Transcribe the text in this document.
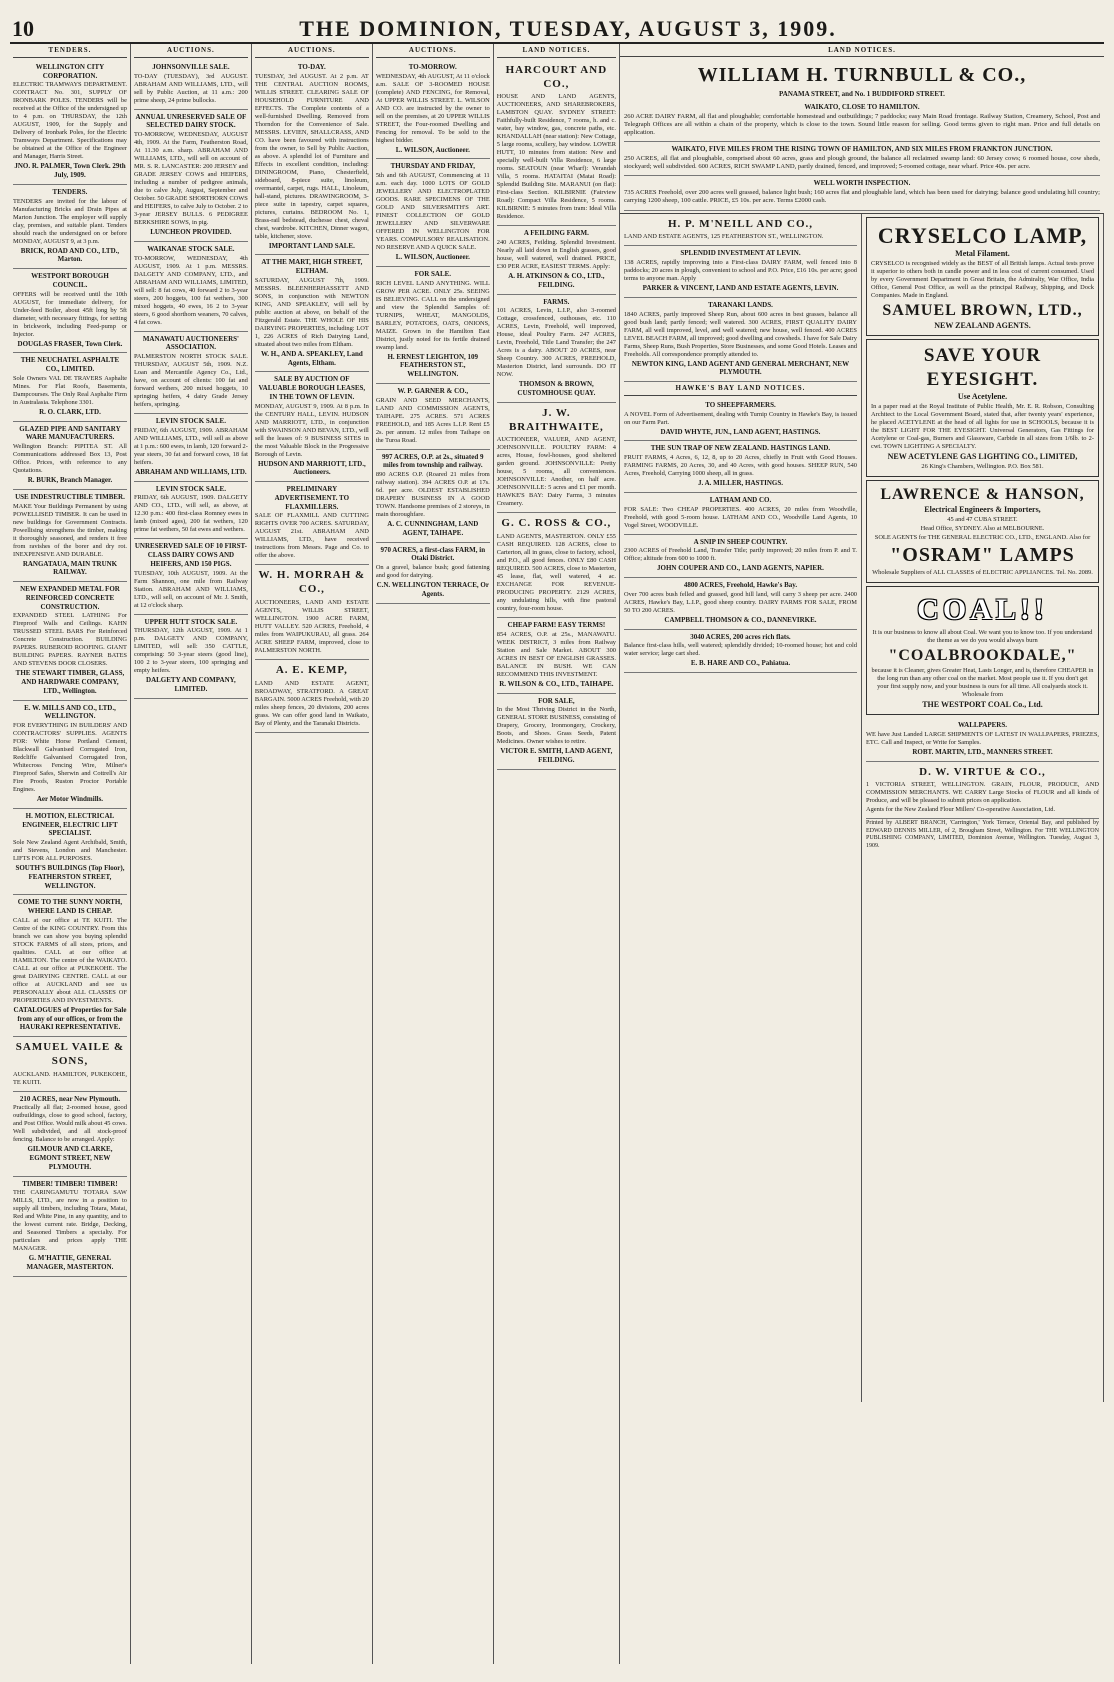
10	THE DOMINION, TUESDAY, AUGUST 3, 1909.
TENDERS.
WELLINGTON CITY CORPORATION.
ELECTRIC TRAMWAYS DEPARTMENT. CONTRACT No. 301, SUPPLY OF IRONBARK POLES. TENDERS will be received at the Office of the undersigned up to 4 p.m. on THURSDAY, the 12th AUGUST, 1909, for the Supply and Delivery of Ironbark Poles, for the Electric Tramways Department. Specifications may be obtained at the Office of the Engineer and Manager, Harris Street.
JNO. R. PALMER, Town Clerk. 29th July, 1909.
TENDERS.
TENDERS are invited for the labour of Manufacturing Bricks and Drain Pipes at Marton Junction. The employer will supply clay, premises, and suitable plant. Tenders should reach the undersigned on or before MONDAY, AUGUST 9, at 3 p.m.
BRICK, ROAD AND CO., LTD., Marton.
WESTPORT BOROUGH COUNCIL.
OFFERS will be received until the 10th AUGUST, for immediate delivery, for Under-feed Boiler, about 45ft long by 5ft diameter, with necessary fittings, for setting in brickwork, including Feed-pump or Injector.
DOUGLAS FRASER, Town Clerk.
THE NEUCHATEL ASPHALTE CO., LIMITED.
Sole Owners VAL DE TRAVERS Asphalte Mines. For Flat Roofs, Basements, Dampcourses. The Only Real Asphalte Firm in Australasia. Telephone 3301.
R. O. CLARK, LTD.
GLAZED PIPE AND SANITARY WARE MANUFACTURERS.
Wellington Branch: PIPITEA ST. All Communications addressed Box 13, Post Office. Prices, with reference to any Quotations.
R. BURK, Branch Manager.
USE INDESTRUCTIBLE TIMBER.
MAKE Your Buildings Permanent by using POWELLISED TIMBER. It can be used in new buildings for Government Contracts. Powellising strengthens the timber, making it thoroughly seasoned, and renders it free from ravishes of the borer and dry rot. INEXPENSIVE AND DURABLE.
RANGATAUA, MAIN TRUNK RAILWAY.
NEW EXPANDED METAL FOR REINFORCED CONCRETE CONSTRUCTION.
EXPANDED STEEL LATHING For Fireproof Walls and Ceilings. KAHN TRUSSED STEEL BARS For Reinforced Concrete Construction. BUILDING PAPERS. RUBEROID ROOFING. GIANT BUILDING PAPERS. RAYNER BATES AND STEVENS DOOR CLOSERS.
THE STEWART TIMBER, GLASS, AND HARDWARE COMPANY, LTD., Wellington.
E. W. MILLS AND CO., LTD., WELLINGTON.
FOR EVERYTHING IN BUILDERS' AND CONTRACTORS' SUPPLIES. AGENTS FOR: White Horse Portland Cement, Blackwall Galvanised Corrugated Iron, Redcliffe Galvanised Corrugated Iron, Whitecross Fencing Wire, Milner's Fireproof Safes, Sherwin and Cottrell's Air Fire Proofs, Ruston Proctor Portable Engines.
Aer Motor Windmills.
H. MOTION, ELECTRICAL ENGINEER, ELECTRIC LIFT SPECIALIST.
Sole New Zealand Agent Archibald, Smith, and Stevens, London and Manchester. LIFTS FOR ALL PURPOSES.
SOUTH'S BUILDINGS (Top Floor), FEATHERSTON STREET, WELLINGTON.
COME TO THE SUNNY NORTH, WHERE LAND IS CHEAP.
CALL at our office at TE KUITI. The Centre of the KING COUNTRY. From this branch we can show you buying splendid STOCK FARMS of all sizes, prices, and qualities. CALL at our office at HAMILTON. The centre of the WAIKATO. CALL at our office at PUKEKOHE. The great DAIRYING CENTRE. CALL at our office at AUCKLAND and see us PERSONALLY about ALL CLASSES OF PROPERTIES AND INVESTMENTS.
CATALOGUES of Properties for Sale from any of our offices, or from the HAURAKI REPRESENTATIVE.
SAMUEL VAILE & SONS,
AUCKLAND. HAMILTON, PUKEKOHE, TE KUITI.
210 ACRES, near New Plymouth.
Practically all flat; 2-roomed house, good outbuildings, close to good school, factory, and Post Office. Would milk about 45 cows. Well subdivided, and all stock-proof fencing. Balance to be arranged. Apply:
GILMOUR AND CLARKE, EGMONT STREET, NEW PLYMOUTH.
TIMBER! TIMBER! TIMBER!
THE CARINGAMUTU TOTARA SAW MILLS, LTD., are now in a position to supply all timbers, including Totara, Matai, Red and White Pine, in any quantity, and to the lowest current rate. Bridge, Decking, and Seasoned Timbers a specialty. For particulars and prices apply THE MANAGER.
G. M'HATTIE, GENERAL MANAGER, MASTERTON.
AUCTIONS.
JOHNSONVILLE SALE.
TO-DAY (TUESDAY), 3rd AUGUST. ABRAHAM AND WILLIAMS, LTD., will sell by Public Auction, at 11 a.m.: 200 prime sheep, 24 prime bullocks.
ANNUAL UNRESERVED SALE OF SELECTED DAIRY STOCK.
TO-MORROW, WEDNESDAY, AUGUST 4th, 1909. At the Farm, Featherston Road, At 11.30 a.m. sharp. ABRAHAM AND WILLIAMS, LTD., will sell on account of MR. S. R. LANCASTER: 200 JERSEY and GRADE JERSEY COWS and HEIFERS, including a number of pedigree animals, due to calve July, August, September and October. 50 GRADE SHORTHORN COWS and HEIFERS, to calve July to October. 2 to 3-year JERSEY BULLS. 6 PEDIGREE BERKSHIRE SOWS, in pig.
LUNCHEON PROVIDED.
WAIKANAE STOCK SALE.
TO-MORROW, WEDNESDAY, 4th AUGUST, 1909. At 1 p.m. MESSRS. DALGETY AND COMPANY, LTD., and ABRAHAM AND WILLIAMS, LIMITED, will sell: 8 fat cows, 40 forward 2 to 3-year steers, 200 hoggets, 100 fat wethers, 300 mixed hoggets, 40 ewes, 16 2 to 3-year steers, 6 good shorthorn weaners, 70 calves, 4 fat cows.
MANAWATU AUCTIONEERS' ASSOCIATION.
PALMERSTON NORTH STOCK SALE. THURSDAY, AUGUST 5th, 1909. N.Z. Loan and Mercantile Agency Co., Ltd., have, on account of clients: 100 fat and forward wethers, 200 mixed hoggets, 10 springing heifers, 4 dairy Grade Jersey heifers, springing.
LEVIN STOCK SALE.
FRIDAY, 6th AUGUST, 1909. ABRAHAM AND WILLIAMS, LTD., will sell as above at 1 p.m.: 600 ewes, in lamb, 120 forward 2-year steers, 30 fat and forward cows, 18 fat heifers.
ABRAHAM AND WILLIAMS, LTD.
LEVIN STOCK SALE.
FRIDAY, 6th AUGUST, 1909. DALGETY AND CO., LTD., will sell, as above, at 12.30 p.m.: 400 first-class Romney ewes in lamb (mixed ages), 200 fat wethers, 120 prime fat wethers, 50 fat ewes and wethers.
UNRESERVED SALE OF 10 FIRST-CLASS DAIRY COWS AND HEIFERS, AND 150 PIGS.
TUESDAY, 10th AUGUST, 1909. At the Farm Shannon, one mile from Railway Station. ABRAHAM AND WILLIAMS, LTD., will sell, on account of Mr. J. Smith, at 12 o'clock sharp.
UPPER HUTT STOCK SALE.
THURSDAY, 12th AUGUST, 1909. At 1 p.m. DALGETY AND COMPANY, LIMITED, will sell: 350 CATTLE, comprising: 50 3-year steers (good line), 100 2 to 3-year steers, 100 springing and empty heifers.
DALGETY AND COMPANY, LIMITED.
AUCTIONS.
TO-DAY.
TUESDAY, 3rd AUGUST. At 2 p.m. AT THE CENTRAL AUCTION ROOMS, WILLIS STREET. CLEARING SALE OF HOUSEHOLD FURNITURE AND EFFECTS. The Complete contents of a well-furnished Dwelling. Removed from Thorndon for the Convenience of Sale. MESSRS. LEVIEN, SHALLCRASS, AND CO. have been favoured with instructions from the owner, to Sell by Public Auction, as above. A splendid lot of Furniture and Effects in excellent condition, including: DININGROOM, Piano, Chesterfield, sideboard, 8-piece suite, linoleum, overmantel, carpet, rugs. HALL, Linoleum, hall-stand, pictures. DRAWINGROOM, 3-piece suite in tapestry, carpet squares, pictures, curtains. BEDROOM No. 1, Brass-rail bedstead, duchesse chest, cheval chest, wardrobe. KITCHEN, Dinner wagon, table, kitchener, stove.
IMPORTANT LAND SALE.
AT THE MART, HIGH STREET, ELTHAM.
SATURDAY, AUGUST 7th, 1909. MESSRS. BLEENHERHASSETT AND SONS, in conjunction with NEWTON KING, AND SPEAKLEY, will sell by public auction at above, on behalf of the Fitzgerald Estate. THE WHOLE OF HIS DAIRYING PROPERTIES, including: LOT 1, 226 ACRES of Rich Dairying Land, situated about two miles from Eltham.
W. H., AND A. SPEAKLEY, Land Agents, Eltham.
SALE BY AUCTION OF VALUABLE BOROUGH LEASES, IN THE TOWN OF LEVIN.
MONDAY, AUGUST 9, 1909. At 8 p.m. In the CENTURY HALL, LEVIN. HUDSON AND MARRIOTT, LTD., in conjunction with SWAINSON AND BEVAN, LTD., will sell the leases of: 9 BUSINESS SITES in the most Valuable Block in the Progressive Borough of Levin.
HUDSON AND MARRIOTT, LTD., Auctioneers.
PRELIMINARY ADVERTISEMENT. TO FLAXMILLERS.
SALE OF FLAXMILL AND CUTTING RIGHTS OVER 700 ACRES. SATURDAY, AUGUST 21st. ABRAHAM AND WILLIAMS, LTD., have received instructions from Messrs. Page and Co. to offer the above.
W. H. MORRAH & CO.,
AUCTIONEERS, LAND AND ESTATE AGENTS, WILLIS STREET, WELLINGTON. 1900 ACRE FARM, HUTT VALLEY. 520 ACRES, Freehold, 4 miles from WAIPUKURAU, all grass. 264 ACRE SHEEP FARM, improved, close to PALMERSTON NORTH.
A. E. KEMP,
LAND AND ESTATE AGENT, BROADWAY, STRATFORD. A GREAT BARGAIN. 5000 ACRES Freehold, with 20 miles sheep fences, 20 divisions, 200 acres grass. We can offer good land in Waikato, Bay of Plenty, and the Taranaki Districts.
AUCTIONS.
TO-MORROW.
WEDNESDAY, 4th AUGUST, At 11 o'clock a.m. SALE OF 3-ROOMED HOUSE (complete) AND FENCING, for Removal, At UPPER WILLIS STREET. L. WILSON AND CO. are instructed by the owner to sell on the premises, at 20 UPPER WILLIS STREET, the Four-roomed Dwelling and Fencing for removal. To be sold to the highest bidder.
L. WILSON, Auctioneer.
THURSDAY AND FRIDAY,
5th and 6th AUGUST, Commencing at 11 a.m. each day. 1000 LOTS OF GOLD JEWELLERY AND ELECTROPLATED GOODS. RARE SPECIMENS OF THE GOLD AND SILVERSMITH'S ART. FINEST COLLECTION OF GOLD JEWELLERY AND SILVERWARE OFFERED IN WELLINGTON FOR YEARS. COMPULSORY REALISATION. NO RESERVE AND A QUICK SALE.
L. WILSON, Auctioneer.
FOR SALE.
RICH LEVEL LAND ANYTHING. WILL GROW PER ACRE. ONLY 25s. SEEING IS BELIEVING. CALL on the undersigned and view the Splendid Samples of: TURNIPS, WHEAT, MANGOLDS, BARLEY, POTATOES, OATS, ONIONS, MAIZE. Grown in the Hamilton East District, justly noted for its fertile drained swamp land.
H. ERNEST LEIGHTON, 109 FEATHERSTON ST., WELLINGTON.
W. P. GARNER & CO.,
GRAIN AND SEED MERCHANTS, LAND AND COMMISSION AGENTS, TAIHAPE. 275 ACRES. 571 ACRES FREEHOLD, and 185 Acres L.I.P. Rent £5 2s. per annum. 12 miles from Taihape on the Turoa Road.
997 ACRES, O.P. at 2s., situated 9 miles from township and railway.
890 ACRES O.P. (Roared 21 miles from railway station). 394 ACRES O.P. at 17s. 6d. per acre. OLDEST ESTABLISHED DRAPERY BUSINESS IN A GOOD TOWN. Handsome premises of 2 storeys, in main thoroughfare.
A. C. CUNNINGHAM, LAND AGENT, TAIHAPE.
970 ACRES, a first-class FARM, in Otaki District.
On a gravel, balance bush; good fattening and good for dairying.
C.N. WELLINGTON TERRACE, Or Agents.
LAND NOTICES.
HARCOURT AND CO.,
HOUSE AND LAND AGENTS, AUCTIONEERS, AND SHAREBROKERS, LAMBTON QUAY. SYDNEY STREET: Faithfully-built Residence, 7 rooms, h. and c. water, bay window, gas, concrete paths, etc. KHANDALLAH (near station): New Cottage, 5 large rooms, scullery, bay window. LOWER HUTT, 10 minutes from station: New and specially well-built Villa Residence, 6 large rooms. SEATOUN (near Wharf): Verandah Villa, 5 rooms. HATAITAI (Matai Road): Splendid Building Site. MARANUI (on flat): First-class Section. KILBIRNIE (Fairview Road): Compact Villa Residence, 5 rooms. KILBIRNIE: 5 minutes from tram: Ideal Villa Residence.
A FEILDING FARM.
240 ACRES, Feilding. Splendid Investment. Nearly all laid down in English grasses, good house, well watered, well drained. PRICE, £30 PER ACRE, EASIEST TERMS. Apply:
A. H. ATKINSON & CO., LTD., FEILDING.
FARMS.
101 ACRES, Levin, L.I.P., also 3-roomed Cottage, crossfenced, outhouses, etc. 110 ACRES, Levin, Freehold, well improved, House, ideal Poultry Farm. 247 ACRES, Levin, Freehold, Title Land Transfer; the 247 Acres is a dairy. ABOUT 20 ACRES, near Sheep Country. 300 ACRES, FREEHOLD, Masterton District, land surrounds. DO IT NOW.
THOMSON & BROWN, CUSTOMHOUSE QUAY.
J. W. BRAITHWAITE,
AUCTIONEER, VALUER, AND AGENT, JOHNSONVILLE. POULTRY FARM: 4 acres, House, fowl-houses, good sheltered garden ground. JOHNSONVILLE: Pretty house, 5 rooms, all conveniences. JOHNSONVILLE: Another, on half acre. JOHNSONVILLE: 5 acres and £1 per month. HAWKE'S BAY: Dairy Farms, 3 minutes Creamery.
G. C. ROSS & CO.,
LAND AGENTS, MASTERTON. ONLY £55 CASH REQUIRED. 128 ACRES, close to Carterton, all in grass, close to factory, school, and P.O., all good fences. ONLY £80 CASH REQUIRED. 500 ACRES, close to Masterton, 45 lease, flat, well watered, 4 ac. EXCHANGE FOR REVENUE-PRODUCING PROPERTY. 2129 ACRES, any undulating hills, with fine pastoral country, four-room house.
CHEAP FARM! EASY TERMS!
854 ACRES, O.P. at 25s., MANAWATU. WEEK DISTRICT, 3 miles from Railway Station and Sale Market. ABOUT 300 ACRES IN BEST OF ENGLISH GRASSES. BALANCE IN BUSH. WE CAN RECOMMEND THIS INVESTMENT.
R. WILSON & CO., LTD., TAIHAPE.
FOR SALE,
In the Most Thriving District in the North, GENERAL STORE BUSINESS, consisting of Drapery, Grocery, Ironmongery, Crockery, Boots, and Shoes. Grass Seeds, Patent Medicines. Owner wishes to retire.
VICTOR E. SMITH, LAND AGENT, FEILDING.
LAND NOTICES.
WILLIAM H. TURNBULL & CO.,
PANAMA STREET, and No. 1 BUDDIFORD STREET.
WAIKATO, CLOSE TO HAMILTON.
260 ACRE DAIRY FARM, all flat and ploughable; comfortable homestead and outbuildings; 7 paddocks; easy Main Road frontage. Railway Station, Creamery, School, Post and Telegraph Offices are all within a chain of the property, which is close to the town. Sound little reason for selling. Good terms given to right man. Price and full details on application.
WAIKATO, FIVE MILES FROM THE RISING TOWN OF HAMILTON, AND SIX MILES FROM FRANKTON JUNCTION.
250 ACRES, all flat and ploughable, comprised about 60 acres, grass and plough ground, the balance all reclaimed swamp land: 60 Jersey cows; 6 roomed house, cow sheds, stockyard; well subdivided. 600 ACRES, RICH SWAMP LAND, partly drained, fenced, and improved; 5-roomed cottage, near wharf. Price 40s. per acre.
WELL WORTH INSPECTION.
735 ACRES Freehold, over 200 acres well grassed, balance light bush; 160 acres flat and ploughable land, which has been used for dairying; balance good undulating hill country; carrying 1200 sheep, 100 cattle. PRICE, £5 10s. per acre. Terms £2000 cash.
H. P. M'NEILL AND CO.,
LAND AND ESTATE AGENTS, 125 FEATHERSTON ST., WELLINGTON.
SPLENDID INVESTMENT AT LEVIN.
138 ACRES, rapidly improving into a First-class DAIRY FARM, well fenced into 8 paddocks; 20 acres in plough, convenient to school and P.O. Price, £16 10s. per acre; good terms to anyone man. Apply
PARKER & VINCENT, LAND AND ESTATE AGENTS, LEVIN.
TARANAKI LANDS.
1840 ACRES, partly improved Sheep Run, about 600 acres in best grasses, balance all good bush land; partly fenced; well watered. 300 ACRES, FIRST QUALITY DAIRY FARM, all well improved, level, and well watered; new house, well fenced. 400 ACRES LEVEL BEACH FARM, all improved; good dwelling and cowsheds. I have for Sale Dairy Farms, Sheep Runs, Bush Properties, Store Businesses, and some Good Hotels. Leases and Freeholds. All correspondence promptly attended to.
NEWTON KING, LAND AGENT AND GENERAL MERCHANT, NEW PLYMOUTH.
HAWKE'S BAY LAND NOTICES.
TO SHEEPFARMERS.
A NOVEL Form of Advertisement, dealing with Turnip Country in Hawke's Bay, is issued on our Farm Part.
DAVID WHYTE, JUN., LAND AGENT, HASTINGS.
THE SUN TRAP OF NEW ZEALAND. HASTINGS LAND.
FRUIT FARMS, 4 Acres, 6, 12, 8, up to 20 Acres, chiefly in Fruit with Good Houses. FARMING FARMS, 20 Acres, 30, and 40 Acres, with good houses. SHEEP RUN, 540 Acres, Freehold, Carrying 1000 sheep, all in grass.
J. A. MILLER, HASTINGS.
LATHAM AND CO.
FOR SALE: Two CHEAP PROPERTIES. 400 ACRES, 20 miles from Woodville, Freehold, with good 5-room house. LATHAM AND CO., Woodville Land Agents, 10 Vogel Street, WOODVILLE.
A SNIP IN SHEEP COUNTRY.
2300 ACRES of Freehold Land, Transfer Title; partly improved; 20 miles from P. and T. Office; altitude from 600 to 1000 ft.
JOHN COUPER AND CO., LAND AGENTS, NAPIER.
4800 ACRES, Freehold, Hawke's Bay.
Over 700 acres bush felled and grassed, good hill land, will carry 3 sheep per acre. 2400 ACRES, Hawke's Bay, L.I.P., good sheep country. DAIRY FARMS FOR SALE, FROM 50 TO 200 ACRES.
CAMPBELL THOMSON & CO., DANNEVIRKE.
3040 ACRES, 200 acres rich flats.
Balance first-class hills, well watered; splendidly divided; 10-roomed house; hot and cold water service; large cart shed.
E. B. HARE AND CO., Pahiatua.
CRYSELCO LAMP,
Metal Filament.
CRYSELCO is recognised widely as the BEST of all British lamps. Actual tests prove it superior to others both in candle power and in less cost of current consumed. Used by every Government Department in Great Britain, the Admiralty, War Office, India Office, General Post Office, as well as the principal Railway, Shipping, and Dock Companies. Made in England.
SAMUEL BROWN, LTD.,
NEW ZEALAND AGENTS.
SAVE YOUR EYESIGHT.
Use Acetylene.
In a paper read at the Royal Institute of Public Health, Mr. E. R. Robson, Consulting Architect to the Local Government Board, stated that, after twenty years' experience, he placed ACETYLENE at the head of all lights for use in SCHOOLS, because it is the BEST LIGHT FOR THE EYESIGHT. Universal Generators, Gas Fittings for Acetylene or Coal-gas, Burners and Glassware, Carbide in all sizes from 1/6lb. to 2-cwt. TOWN LIGHTING A SPECIALTY.
NEW ACETYLENE GAS LIGHTING CO., LIMITED,
26 King's Chambers, Wellington. P.O. Box 581.
LAWRENCE & HANSON,
Electrical Engineers & Importers,
45 and 47 CUBA STREET.
Head Office, SYDNEY. Also at MELBOURNE.
SOLE AGENTS for THE GENERAL ELECTRIC CO., LTD., ENGLAND. Also for
"OSRAM" LAMPS
Wholesale Suppliers of ALL CLASSES of ELECTRIC APPLIANCES. Tel. No. 2089.
COAL!!
It is our business to know all about Coal. We want you to know too. If you understand the theme as we do you would always burn
"COALBROOKDALE,"
because it is Cleaner, gives Greater Heat, Lasts Longer, and is, therefore CHEAPER in the long run than any other coal on the market. Most people use it. If you don't get your first supply now, and your business is ours for all time. All coalyards stock it. Wholesale from
THE WESTPORT COAL Co., Ltd.
WALLPAPERS.
WE have Just Landed LARGE SHIPMENTS OF LATEST IN WALLPAPERS, FRIEZES, ETC. Call and Inspect, or Write for Samples.
ROBT. MARTIN, LTD., MANNERS STREET.
D. W. VIRTUE & CO.,
1 VICTORIA STREET, WELLINGTON. GRAIN, FLOUR, PRODUCE, AND COMMISSION MERCHANTS. WE CARRY Large Stocks of FLOUR and all kinds of Produce, and will be pleased to submit prices on application.
Agents for the New Zealand Flour Millers' Co-operative Association, Ltd.
Printed by ALBERT BRANCH, 'Carrington,' York Terrace, Oriental Bay, and published by EDWARD DENNIS MILLER, of 2, Brougham Street, Wellington. For THE WELLINGTON PUBLISHING COMPANY, LIMITED, Dominion Avenue, Wellington. Tuesday, August 3, 1909.
